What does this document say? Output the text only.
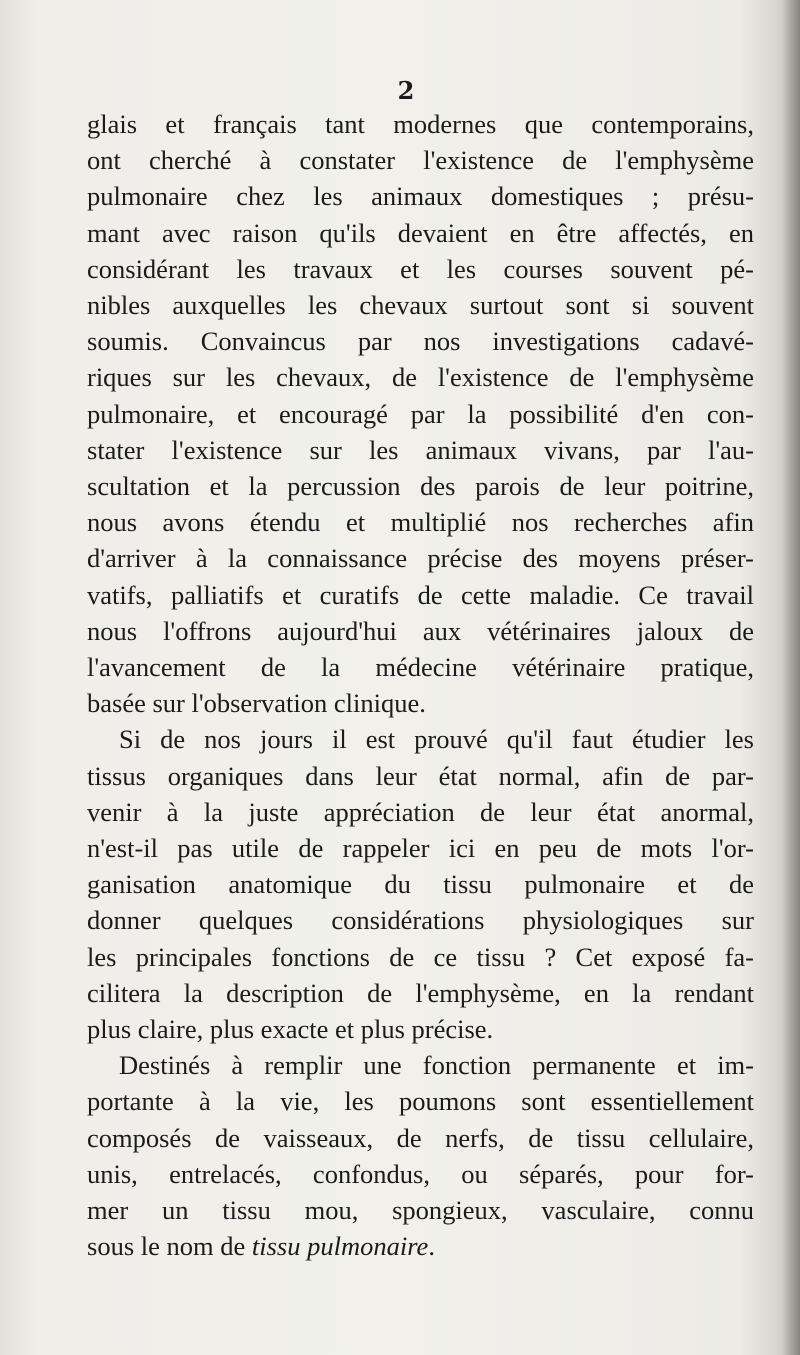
2
glais et français tant modernes que contemporains,
ont cherché à constater l'existence de l'emphysème
pulmonaire chez les animaux domestiques ; présu-
mant avec raison qu'ils devaient en être affectés, en
considérant les travaux et les courses souvent pé-
nibles auxquelles les chevaux surtout sont si souvent
soumis. Convaincus par nos investigations cadavé-
riques sur les chevaux, de l'existence de l'emphysème
pulmonaire, et encouragé par la possibilité d'en con-
stater l'existence sur les animaux vivans, par l'au-
scultation et la percussion des parois de leur poitrine,
nous avons étendu et multiplié nos recherches afin
d'arriver à la connaissance précise des moyens préser-
vatifs, palliatifs et curatifs de cette maladie. Ce travail
nous l'offrons aujourd'hui aux vétérinaires jaloux de
l'avancement de la médecine vétérinaire pratique,
basée sur l'observation clinique.
Si de nos jours il est prouvé qu'il faut étudier les
tissus organiques dans leur état normal, afin de par-
venir à la juste appréciation de leur état anormal,
n'est-il pas utile de rappeler ici en peu de mots l'or-
ganisation anatomique du tissu pulmonaire et de
donner quelques considérations physiologiques sur
les principales fonctions de ce tissu ? Cet exposé fa-
cilitera la description de l'emphysème, en la rendant
plus claire, plus exacte et plus précise.
Destinés à remplir une fonction permanente et im-
portante à la vie, les poumons sont essentiellement
composés de vaisseaux, de nerfs, de tissu cellulaire,
unis, entrelacés, confondus, ou séparés, pour for-
mer un tissu mou, spongieux, vasculaire, connu
sous le nom de tissu pulmonaire.
